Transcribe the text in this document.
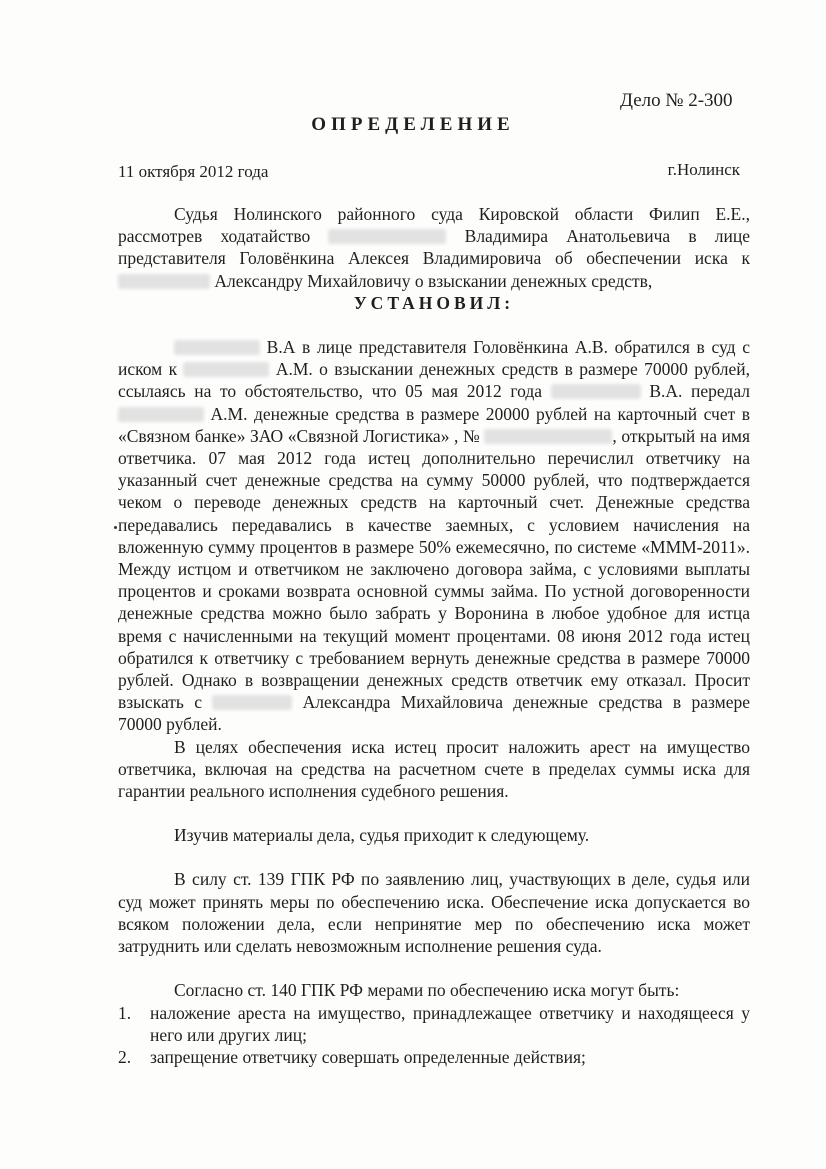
Дело № 2-300
ОПРЕДЕЛЕНИЕ
11 октября 2012 года	г.Нолинск

Судья Нолинского районного суда Кировской области Филип Е.Е., рассмотрев ходатайство	Владимира Анатольевича в лице представителя Головёнкина Алексея Владимировича об обеспечении иска к  Александру Михайловичу о взыскании денежных средств,

УСТАНОВИЛ:

В.А в лице представителя Головёнкина А.В. обратился в суд с иском к	А.М. о взыскании денежных средств в размере 70000 рублей, ссылаясь на то обстоятельство, что 05 мая 2012 года	В.А. передал  А.М. денежные средства в размере 20000 рублей на карточный счет в «Связном банке» ЗАО «Связной Логистика» , №	, открытый на имя ответчика. 07 мая 2012 года истец дополнительно перечислил ответчику на указанный счет денежные средства на сумму 50000 рублей, что подтверждается чеком о переводе денежных средств на карточный счет. Денежные средства передавались передавались в качестве заемных, с условием начисления на вложенную сумму процентов в размере 50% ежемесячно, по системе «МММ-2011». Между истцом и ответчиком не заключено договора займа, с условиями выплаты процентов и сроками возврата основной суммы займа. По устной договоренности денежные средства можно было забрать у Воронина в любое удобное для истца время с начисленными на текущий момент процентами. 08 июня 2012 года истец обратился к ответчику с требованием вернуть денежные средства в размере 70000 рублей. Однако в возвращении денежных средств ответчик ему отказал. Просит взыскать с	Александра Михайловича денежные средства в размере 70000 рублей.

В целях обеспечения иска истец просит наложить арест на имущество ответчика, включая на средства на расчетном счете в пределах суммы иска для гарантии реального исполнения судебного решения.

Изучив материалы дела, судья приходит к следующему.

В силу ст. 139 ГПК РФ по заявлению лиц, участвующих в деле, судья или суд может принять меры по обеспечению иска. Обеспечение иска допускается во всяком положении дела, если непринятие мер по обеспечению иска может затруднить или сделать невозможным исполнение решения суда.

Согласно ст. 140 ГПК РФ мерами по обеспечению иска могут быть:

1. наложение ареста на имущество, принадлежащее ответчику и находящееся у него или других лиц;
2. запрещение ответчику совершать определенные действия;
